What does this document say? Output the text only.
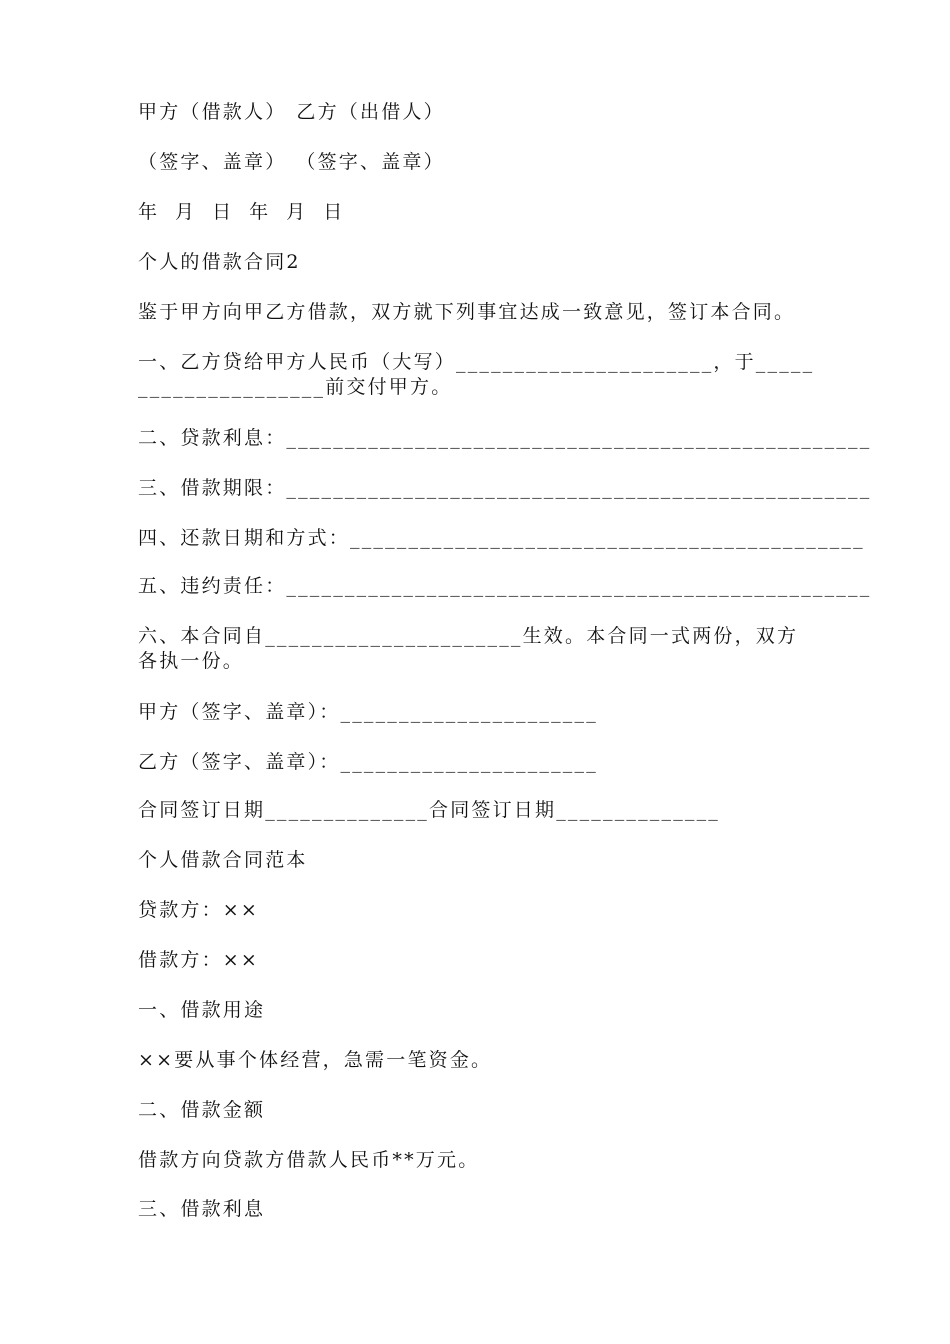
甲方（借款人） 乙方（出借人）
（签字、盖章） （签字、盖章）
年 月 日 年 月 日
个人的借款合同2
鉴于甲方向甲乙方借款，双方就下列事宜达成一致意见，签订本合同。
一、乙方贷给甲方人民币（大写）______________________，于_____ ________________前交付甲方。
二、贷款利息：__________________________________________________
三、借款期限：__________________________________________________
四、还款日期和方式：____________________________________________
五、违约责任：__________________________________________________
六、本合同自______________________生效。本合同一式两份，双方各执一份。
甲方（签字、盖章）：______________________
乙方（签字、盖章）：______________________
合同签订日期______________合同签订日期______________
个人借款合同范本
贷款方：××
借款方：××
一、借款用途
××要从事个体经营，急需一笔资金。
二、借款金额
借款方向贷款方借款人民币**万元。
三、借款利息
